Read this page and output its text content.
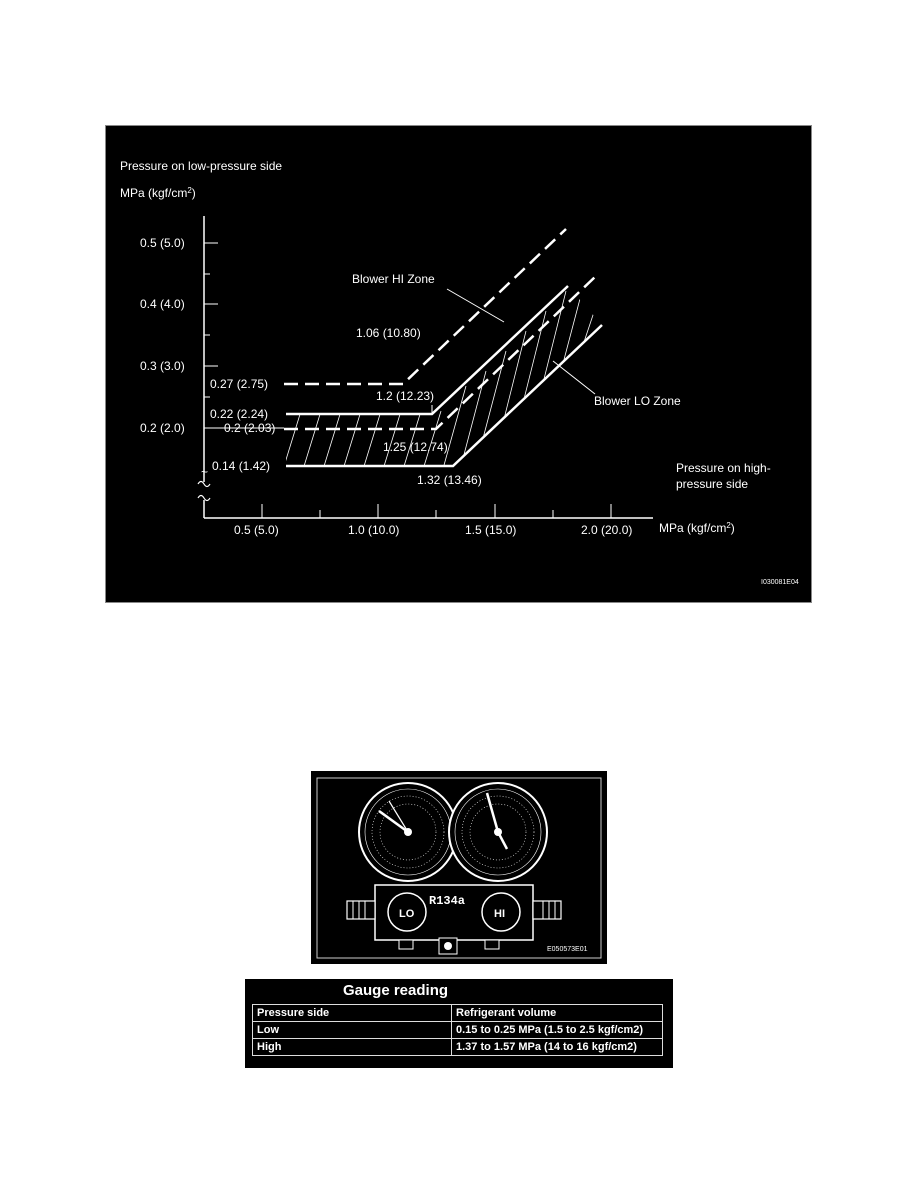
Pressure on low-pressure side
MPa $(kgf/cm^2)$
Pressure on high-
pressure side
MPa $(kgf/cm^2)$
~
0.5 (5.0)
0.4 (4.0)
0.3 (3.0)
0.2 (2.0)
0.5 (5.0)	1.0 (10.0)	1.5 (15.0)	2.0 (20.0)
0.27 (2.75)
0.22 (2.24)
0.2 (2.03)
0.14 (1.42)
1.06 (10.80)
1.2 (12.23)
1.25 (12.74)
1.32 (13.46)
Blower HI Zone
Blower LO Zone
I030081E04
LO	HI
R134a
E050573E01
Gauge reading
Pressure side	Refrigerant volume
Low	0.15 to 0.25 MPa (1.5 to 2.5 kgf/cm2)
High	1.37 to 1.57 MPa (14 to 16 kgf/cm2)
